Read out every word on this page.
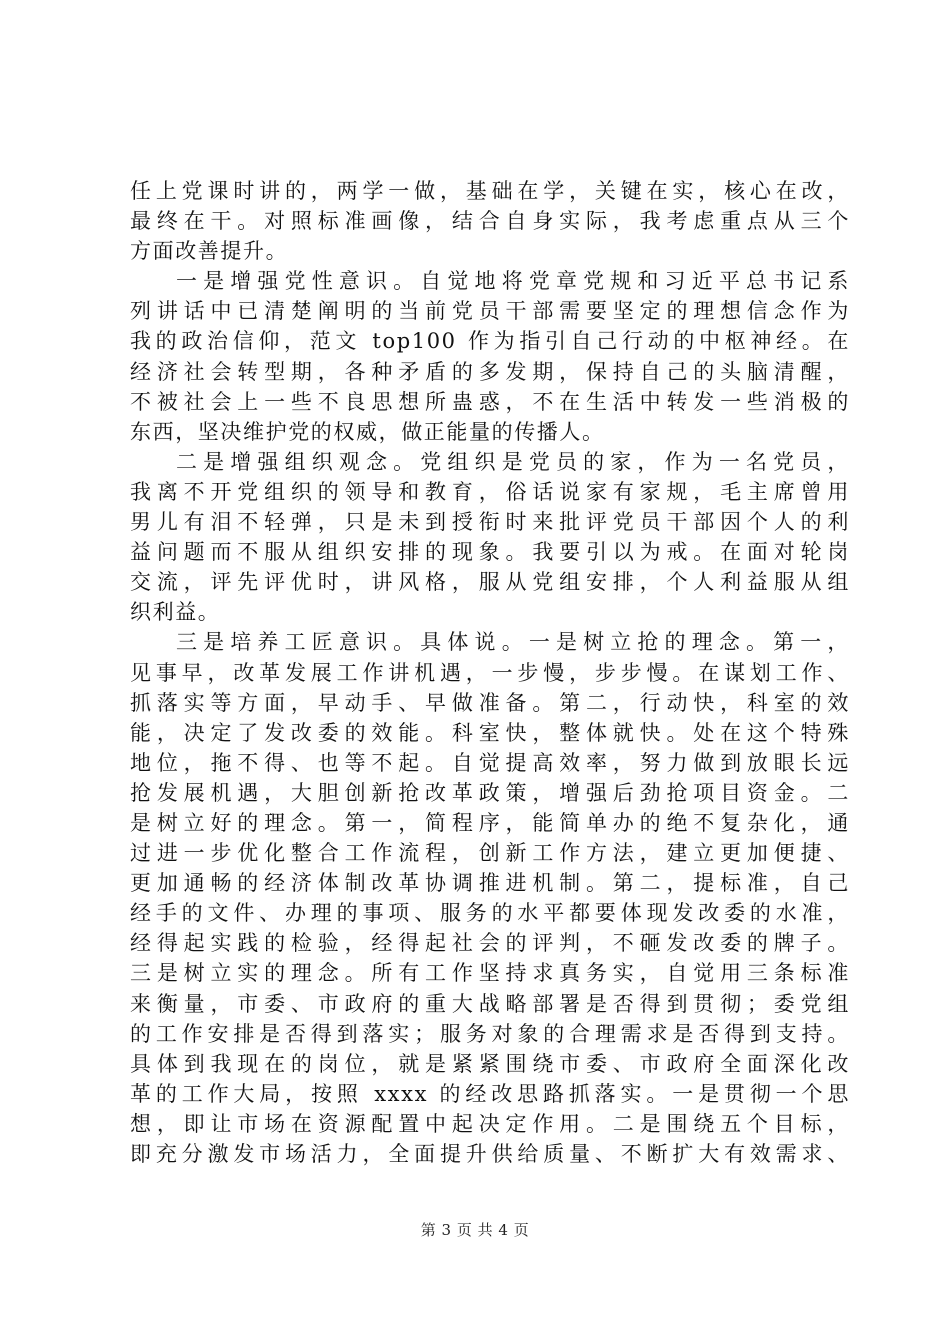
任上党课时讲的，两学一做，基础在学，关键在实，核心在改，
最终在干。对照标准画像，结合自身实际，我考虑重点从三个
方面改善提升。
一是增强党性意识。自觉地将党章党规和习近平总书记系
列讲话中已清楚阐明的当前党员干部需要坚定的理想信念作为
我的政治信仰，范文 top100 作为指引自己行动的中枢神经。在
经济社会转型期，各种矛盾的多发期，保持自己的头脑清醒，
不被社会上一些不良思想所蛊惑，不在生活中转发一些消极的
东西，坚决维护党的权威，做正能量的传播人。
二是增强组织观念。党组织是党员的家，作为一名党员，
我离不开党组织的领导和教育，俗话说家有家规，毛主席曾用
男儿有泪不轻弹，只是未到授衔时来批评党员干部因个人的利
益问题而不服从组织安排的现象。我要引以为戒。在面对轮岗
交流，评先评优时，讲风格，服从党组安排，个人利益服从组
织利益。
三是培养工匠意识。具体说。一是树立抢的理念。第一，
见事早，改革发展工作讲机遇，一步慢，步步慢。在谋划工作、
抓落实等方面，早动手、早做准备。第二，行动快，科室的效
能，决定了发改委的效能。科室快，整体就快。处在这个特殊
地位，拖不得、也等不起。自觉提高效率，努力做到放眼长远
抢发展机遇，大胆创新抢改革政策，增强后劲抢项目资金。二
是树立好的理念。第一，简程序，能简单办的绝不复杂化，通
过进一步优化整合工作流程，创新工作方法，建立更加便捷、
更加通畅的经济体制改革协调推进机制。第二，提标准，自己
经手的文件、办理的事项、服务的水平都要体现发改委的水准，
经得起实践的检验，经得起社会的评判，不砸发改委的牌子。
三是树立实的理念。所有工作坚持求真务实，自觉用三条标准
来衡量，市委、市政府的重大战略部署是否得到贯彻；委党组
的工作安排是否得到落实；服务对象的合理需求是否得到支持。
具体到我现在的岗位，就是紧紧围绕市委、市政府全面深化改
革的工作大局，按照 xxxx 的经改思路抓落实。一是贯彻一个思
想，即让市场在资源配置中起决定作用。二是围绕五个目标，
即充分激发市场活力，全面提升供给质量、不断扩大有效需求、
第 3 页 共 4 页
